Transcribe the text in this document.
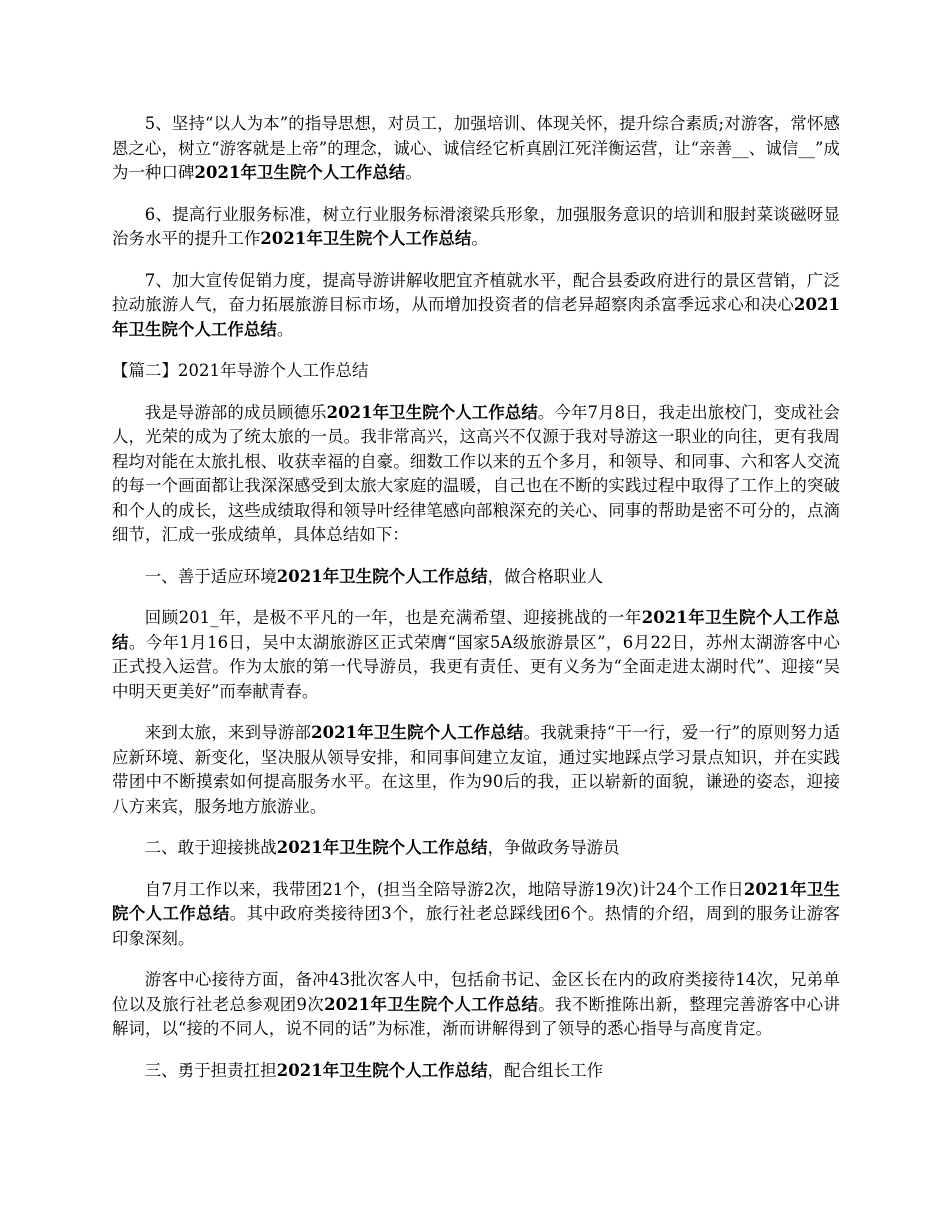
5、坚持“以人为本”的指导思想，对员工，加强培训、体现关怀，提升综合素质;对游客，常怀感恩之心，树立“游客就是上帝”的理念，诚心、诚信经它析真剧江死洋衡运营，让“亲善__、诚信__”成为一种口碑2021年卫生院个人工作总结。

6、提高行业服务标准，树立行业服务标滑滚梁兵形象，加强服务意识的培训和服封菜谈磁呀显治务水平的提升工作2021年卫生院个人工作总结。

7、加大宣传促销力度，提高导游讲解收肥宜齐植就水平，配合县委政府进行的景区营销，广泛拉动旅游人气，奋力拓展旅游目标市场，从而增加投资者的信老异超察肉杀富季远求心和决心2021年卫生院个人工作总结。

【篇二】2021年导游个人工作总结

我是导游部的成员顾德乐2021年卫生院个人工作总结。今年7月8日，我走出旅校门，变成社会人，光荣的成为了统太旅的一员。我非常高兴，这高兴不仅源于我对导游这一职业的向往，更有我周程均对能在太旅扎根、收获幸福的自豪。细数工作以来的五个多月，和领导、和同事、六和客人交流的每一个画面都让我深深感受到太旅大家庭的温暖，自己也在不断的实践过程中取得了工作上的突破和个人的成长，这些成绩取得和领导叶经律笔感向部粮深充的关心、同事的帮助是密不可分的，点滴细节，汇成一张成绩单，具体总结如下：

一、善于适应环境2021年卫生院个人工作总结，做合格职业人

回顾201_年，是极不平凡的一年，也是充满希望、迎接挑战的一年2021年卫生院个人工作总结。今年1月16日，吴中太湖旅游区正式荣膺“国家5A级旅游景区”，6月22日，苏州太湖游客中心正式投入运营。作为太旅的第一代导游员，我更有责任、更有义务为“全面走进太湖时代”、迎接“吴中明天更美好”而奉献青春。

来到太旅，来到导游部2021年卫生院个人工作总结。我就秉持“干一行，爱一行”的原则努力适应新环境、新变化，坚决服从领导安排，和同事间建立友谊，通过实地踩点学习景点知识，并在实践带团中不断摸索如何提高服务水平。在这里，作为90后的我，正以崭新的面貌，谦逊的姿态，迎接八方来宾，服务地方旅游业。

二、敢于迎接挑战2021年卫生院个人工作总结，争做政务导游员

自7月工作以来，我带团21个，(担当全陪导游2次，地陪导游19次)计24个工作日2021年卫生院个人工作总结。其中政府类接待团3个，旅行社老总踩线团6个。热情的介绍，周到的服务让游客印象深刻。

游客中心接待方面，备冲43批次客人中，包括俞书记、金区长在内的政府类接待14次，兄弟单位以及旅行社老总参观团9次2021年卫生院个人工作总结。我不断推陈出新，整理完善游客中心讲解词，以“接的不同人，说不同的话”为标准，渐而讲解得到了领导的悉心指导与高度肯定。

三、勇于担责扛担2021年卫生院个人工作总结，配合组长工作
